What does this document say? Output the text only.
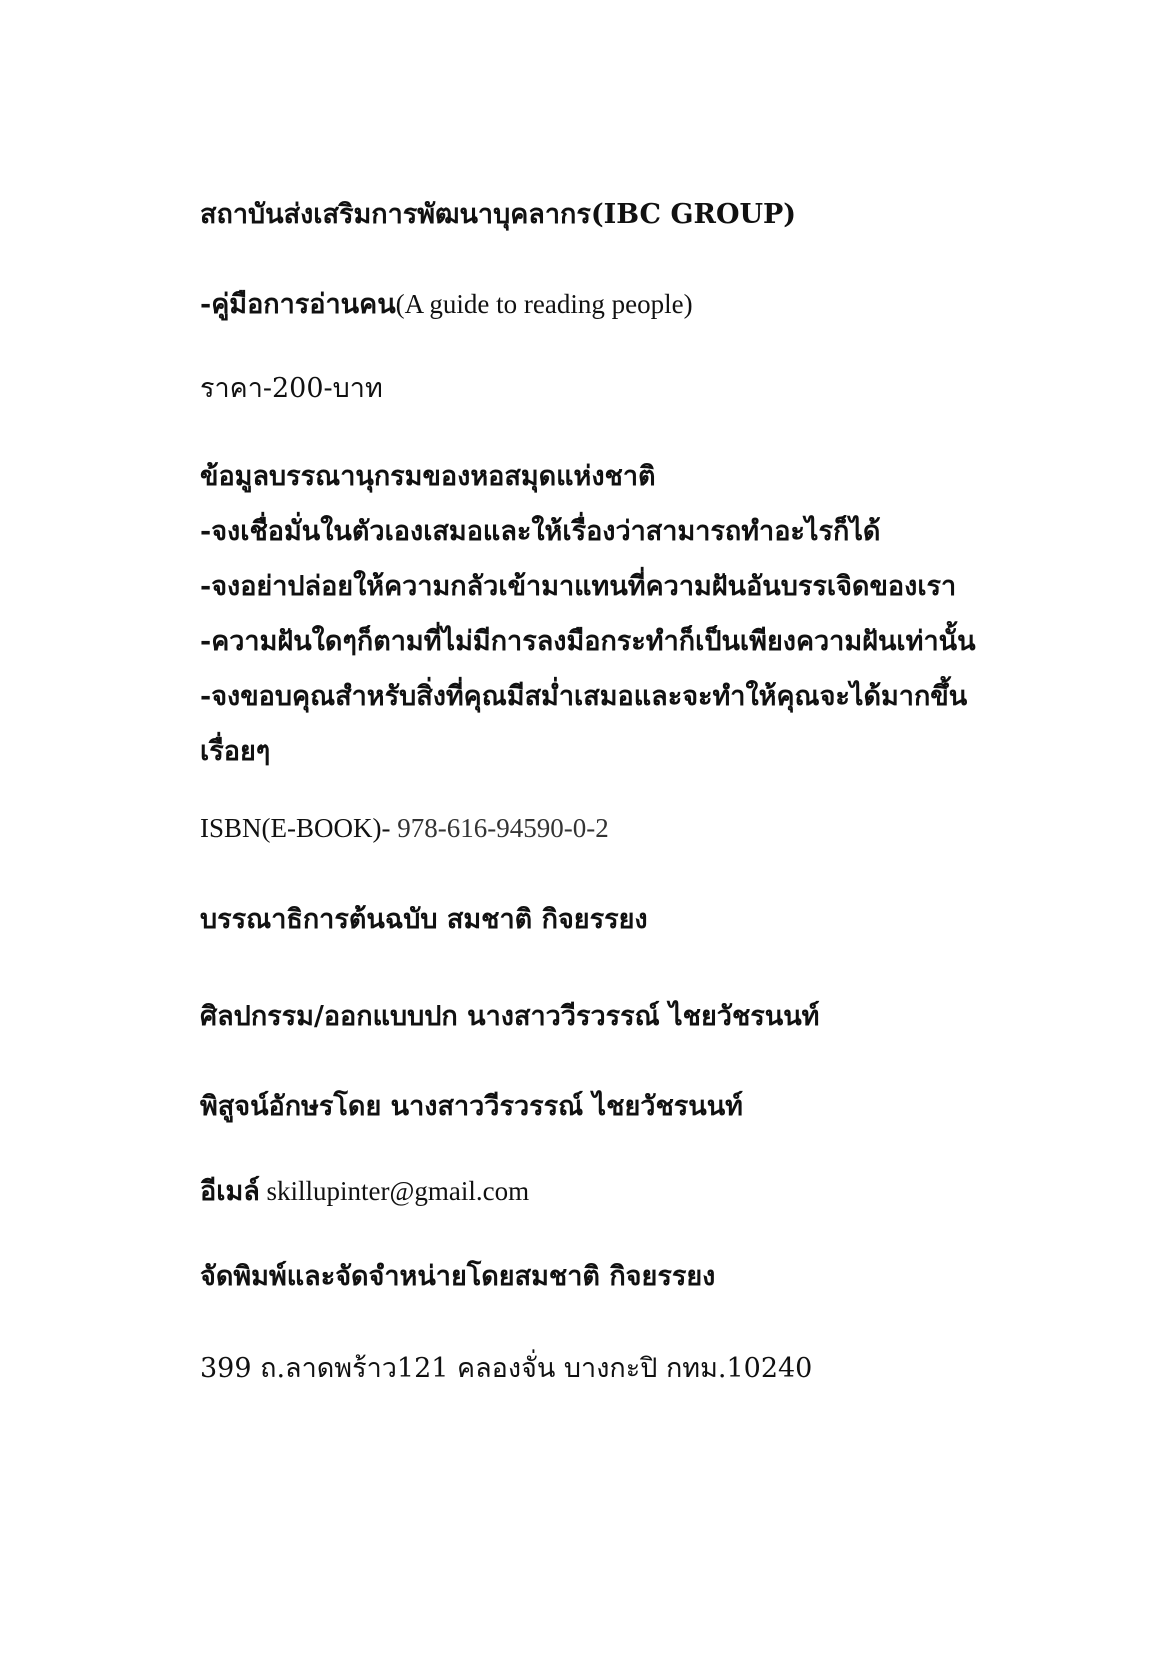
สถาบันส่งเสริมการพัฒนาบุคลากร(IBC GROUP)
-คู่มือการอ่านคน(A guide to reading people)
ราคา-200-บาท
ข้อมูลบรรณานุกรมของหอสมุดแห่งชาติ
-จงเชื่อมั่นในตัวเองเสมอและให้เรื่องว่าสามารถทำอะไรก็ได้
-จงอย่าปล่อยให้ความกลัวเข้ามาแทนที่ความฝันอันบรรเจิดของเรา
-ความฝันใดๆก็ตามที่ไม่มีการลงมือกระทำก็เป็นเพียงความฝันเท่านั้น
-จงขอบคุณสำหรับสิ่งที่คุณมีสม่ำเสมอและจะทำให้คุณจะได้มากขึ้น
เรื่อยๆ
ISBN(E-BOOK)- 978-616-94590-0-2
บรรณาธิการต้นฉบับ สมชาติ กิจยรรยง
ศิลปกรรม/ออกแบบปก นางสาววีรวรรณ์ ไชยวัชรนนท์
พิสูจน์อักษรโดย นางสาววีรวรรณ์ ไชยวัชรนนท์
อีเมล์ skillupinter@gmail.com
จัดพิมพ์และจัดจำหน่ายโดยสมชาติ กิจยรรยง
399 ถ.ลาดพร้าว121 คลองจั่น บางกะปิ กทม.10240
